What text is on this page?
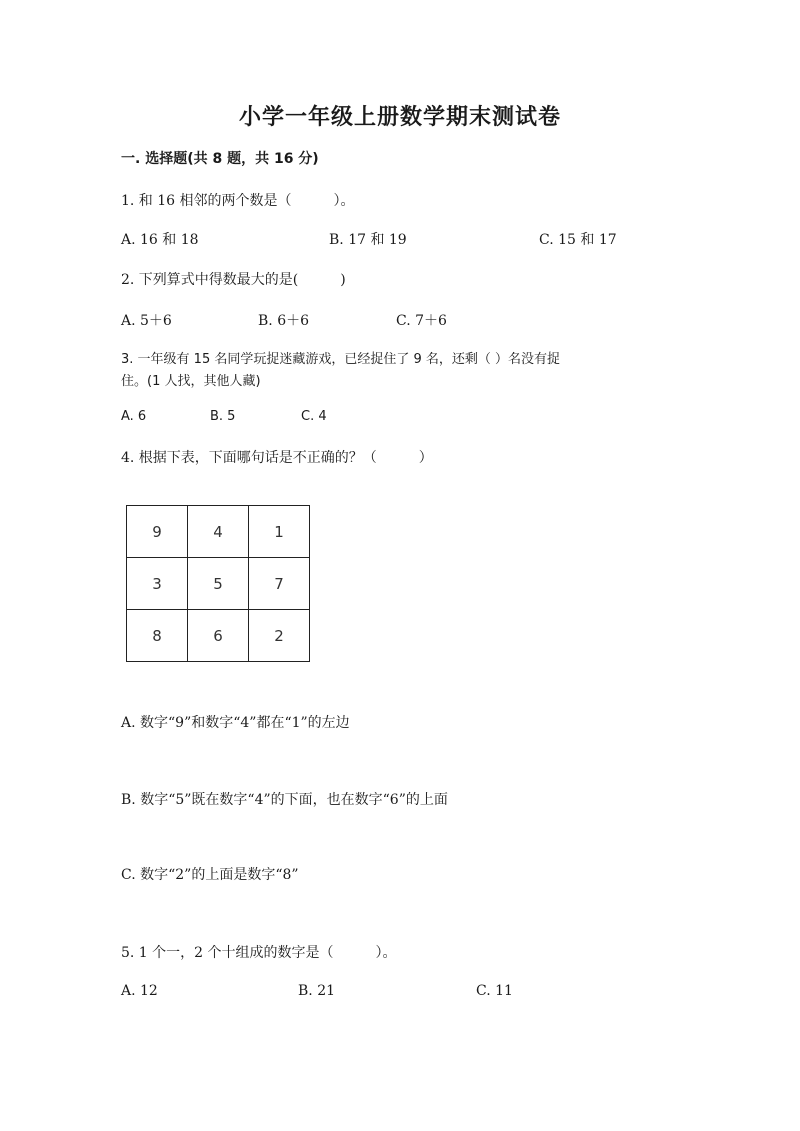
小学一年级上册数学期末测试卷
一. 选择题(共 8 题，共 16 分)
1. 和 16 相邻的两个数是（　　　）。
A. 16 和 18	B. 17 和 19	C. 15 和 17
2. 下列算式中得数最大的是(　　　)
A. 5＋6	B. 6＋6	C. 7＋6
3. 一年级有 15 名同学玩捉迷藏游戏，已经捉住了 9 名，还剩（ ）名没有捉
住。(1 人找，其他人藏)
A. 6	B. 5	C. 4
4. 根据下表，下面哪句话是不正确的？（　　　）
9	4	1
3	5	7
8	6	2
A. 数字“9”和数字“4”都在“1”的左边
B. 数字“5”既在数字“4”的下面，也在数字“6”的上面
C. 数字“2”的上面是数字“8”
5. 1 个一，2 个十组成的数字是（　　　）。
A. 12	B. 21	C. 11
